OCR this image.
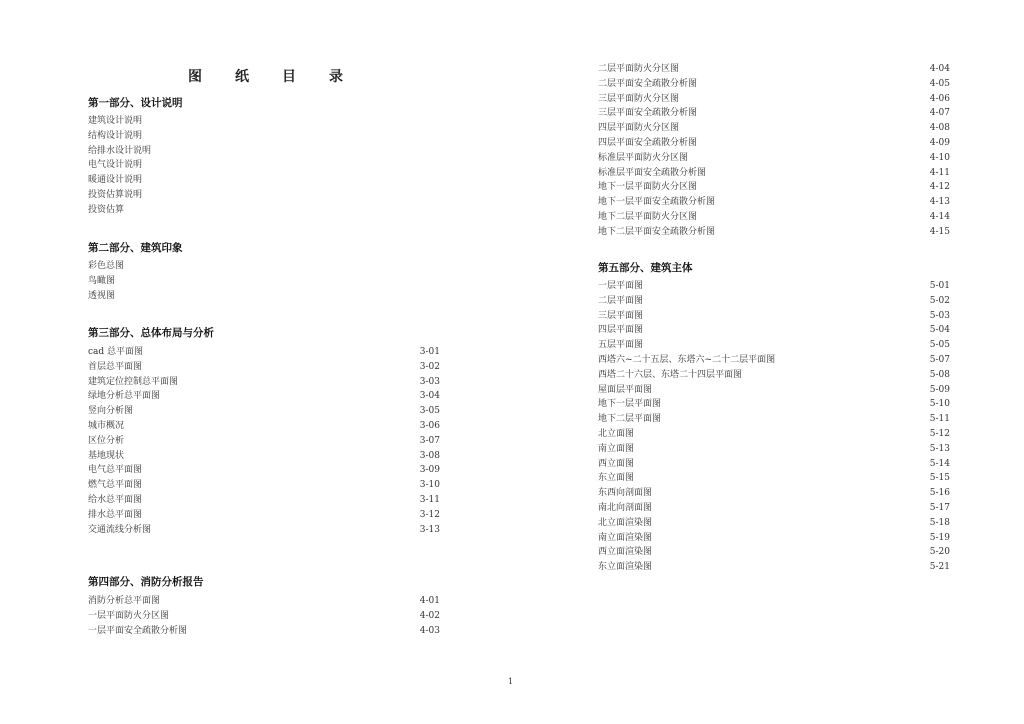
图 纸 目 录
第一部分、设计说明
建筑设计说明
结构设计说明
给排水设计说明
电气设计说明
暖通设计说明
投资估算说明
投资估算
第二部分、建筑印象
彩色总图
鸟瞰图
透视图
第三部分、总体布局与分析
cad 总平面图	3-01
首层总平面图	3-02
建筑定位控制总平面图	3-03
绿地分析总平面图	3-04
竖向分析图	3-05
城市概况	3-06
区位分析	3-07
基地现状	3-08
电气总平面图	3-09
燃气总平面图	3-10
给水总平面图	3-11
排水总平面图	3-12
交通流线分析图	3-13
第四部分、消防分析报告
消防分析总平面图	4-01
一层平面防火分区图	4-02
一层平面安全疏散分析图	4-03
二层平面防火分区图	4-04
二层平面安全疏散分析图	4-05
三层平面防火分区图	4-06
三层平面安全疏散分析图	4-07
四层平面防火分区图	4-08
四层平面安全疏散分析图	4-09
标准层平面防火分区图	4-10
标准层平面安全疏散分析图	4-11
地下一层平面防火分区图	4-12
地下一层平面安全疏散分析图	4-13
地下二层平面防火分区图	4-14
地下二层平面安全疏散分析图	4-15
第五部分、建筑主体
一层平面图	5-01
二层平面图	5-02
三层平面图	5-03
四层平面图	5-04
五层平面图	5-05
西塔六~二十五层、东塔六~二十二层平面图	5-07
西塔二十六层、东塔二十四层平面图	5-08
屋面层平面图	5-09
地下一层平面图	5-10
地下二层平面图	5-11
北立面图	5-12
南立面图	5-13
西立面图	5-14
东立面图	5-15
东西向剖面图	5-16
南北向剖面图	5-17
北立面渲染图	5-18
南立面渲染图	5-19
西立面渲染图	5-20
东立面渲染图	5-21
1
